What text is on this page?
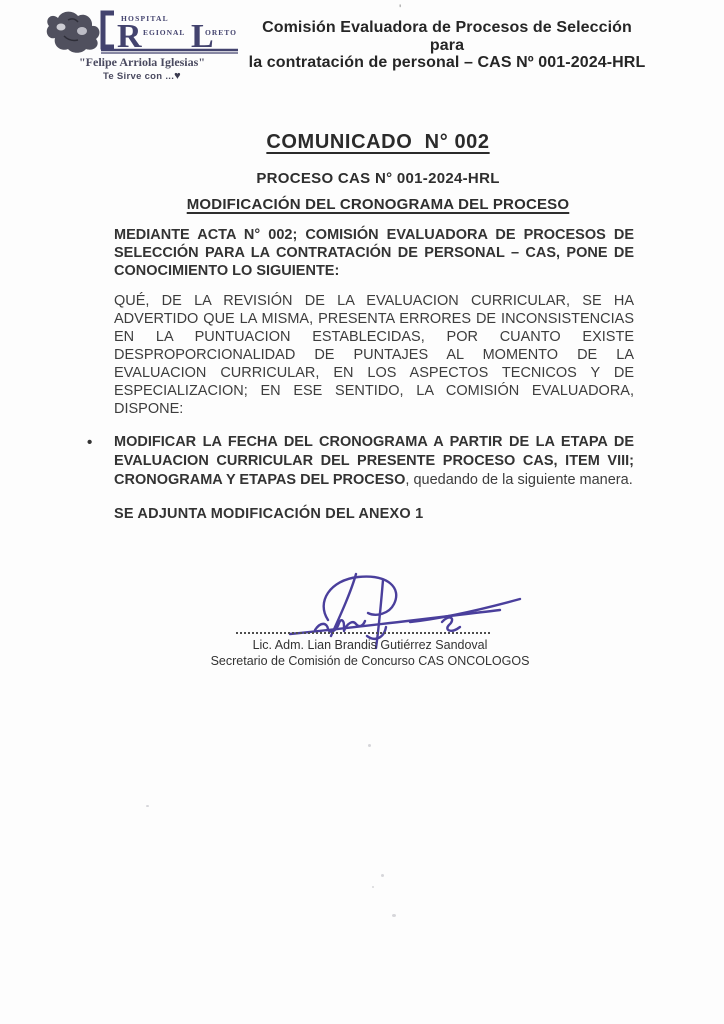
HOSPITAL
R EGIONAL L
ORETO
"Felipe Arriola Iglesias"
Te Sirve con ...♥
Comisión Evaluadora de Procesos de Selección para
la contratación de personal – CAS Nº 001-2024-HRL
'
COMUNICADO  N° 002
PROCESO CAS N° 001-2024-HRL
MODIFICACIÓN DEL CRONOGRAMA DEL PROCESO
MEDIANTE ACTA N° 002; COMISIÓN EVALUADORA DE PROCESOS DE
SELECCIÓN PARA LA CONTRATACIÓN DE PERSONAL – CAS, PONE DE
CONOCIMIENTO LO SIGUIENTE:
QUÉ, DE LA REVISIÓN DE LA EVALUACION CURRICULAR, SE HA
ADVERTIDO QUE LA MISMA, PRESENTA ERRORES DE INCONSISTENCIAS
EN LA PUNTUACION ESTABLECIDAS, POR CUANTO EXISTE
DESPROPORCIONALIDAD DE PUNTAJES AL MOMENTO DE LA
EVALUACION CURRICULAR, EN LOS ASPECTOS TECNICOS Y DE
ESPECIALIZACION; EN ESE SENTIDO, LA COMISIÓN EVALUADORA,
DISPONE:
• MODIFICAR LA FECHA DEL CRONOGRAMA A PARTIR DE LA ETAPA DE
EVALUACION CURRICULAR DEL PRESENTE PROCESO CAS, ITEM VIII;
CRONOGRAMA Y ETAPAS DEL PROCESO, quedando de la siguiente manera.
SE ADJUNTA MODIFICACIÓN DEL ANEXO 1
Lic. Adm. Lian Brandis Gutiérrez Sandoval
Secretario de Comisión de Concurso CAS ONCOLOGOS
